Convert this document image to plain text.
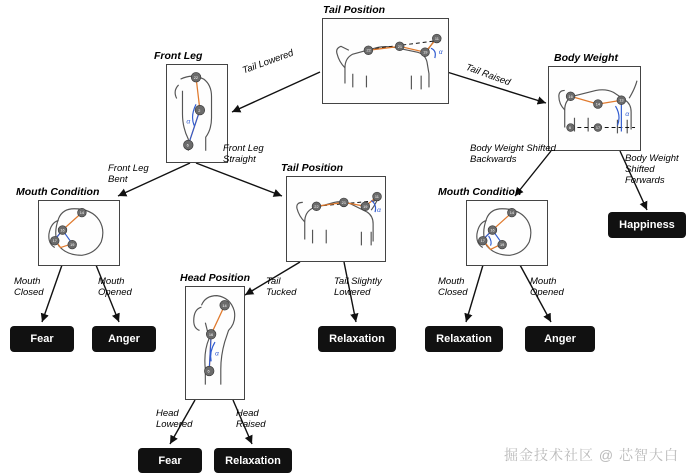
Tail Position
22
21
19
11
α
Front Leg
22
2
6
α
Body Weight
16
14
13
6	17
α
Mouth Condition
14
16
17
19
Tail Position
22
21
19
11
α
Mouth Condition
14
16
17
19
Head Position
14
16
6
α
Tail Lowered	Tail Raised
Front Leg
Bent
Front Leg
Straight
Body Weight Shifted
Backwards	Body Weight
Shifted
Forwards
Mouth
Closed
Mouth
Opened
Tail
Tucked
Tail Slightly
Lowered
Mouth
Closed
Mouth
Opened
Head
Lowered
Head
Raised
Happiness
Fear	Anger	Relaxation	Relaxation	Anger
Fear	Relaxation	掘金技术社区 @ 芯智大白
